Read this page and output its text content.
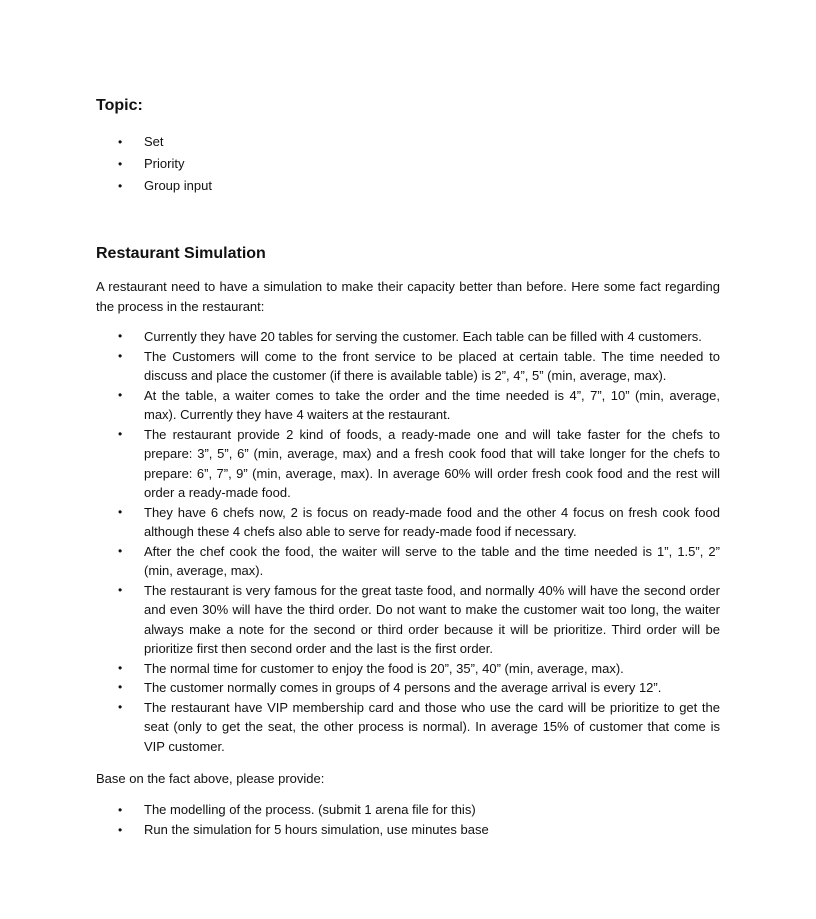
Topic:
• Set
• Priority
• Group input
Restaurant Simulation

A restaurant need to have a simulation to make their capacity better than before. Here some fact regarding the process in the restaurant:

• Currently they have 20 tables for serving the customer. Each table can be filled with 4 customers.
• The Customers will come to the front service to be placed at certain table. The time needed to discuss and place the customer (if there is available table) is 2”, 4”, 5” (min, average, max).
• At the table, a waiter comes to take the order and the time needed is 4”, 7”, 10” (min, average, max). Currently they have 4 waiters at the restaurant.
• The restaurant provide 2 kind of foods, a ready-made one and will take faster for the chefs to prepare: 3”, 5”, 6” (min, average, max) and a fresh cook food that will take longer for the chefs to prepare: 6”, 7”, 9” (min, average, max). In average 60% will order fresh cook food and the rest will order a ready-made food.
• They have 6 chefs now, 2 is focus on ready-made food and the other 4 focus on fresh cook food although these 4 chefs also able to serve for ready-made food if necessary.
• After the chef cook the food, the waiter will serve to the table and the time needed is 1”, 1.5”, 2” (min, average, max).
• The restaurant is very famous for the great taste food, and normally 40% will have the second order and even 30% will have the third order. Do not want to make the customer wait too long, the waiter always make a note for the second or third order because it will be prioritize. Third order will be prioritize first then second order and the last is the first order.
• The normal time for customer to enjoy the food is 20”, 35”, 40” (min, average, max).
• The customer normally comes in groups of 4 persons and the average arrival is every 12”.
• The restaurant have VIP membership card and those who use the card will be prioritize to get the seat (only to get the seat, the other process is normal). In average 15% of customer that come is VIP customer.

Base on the fact above, please provide:

• The modelling of the process. (submit 1 arena file for this)
• Run the simulation for 5 hours simulation, use minutes base
